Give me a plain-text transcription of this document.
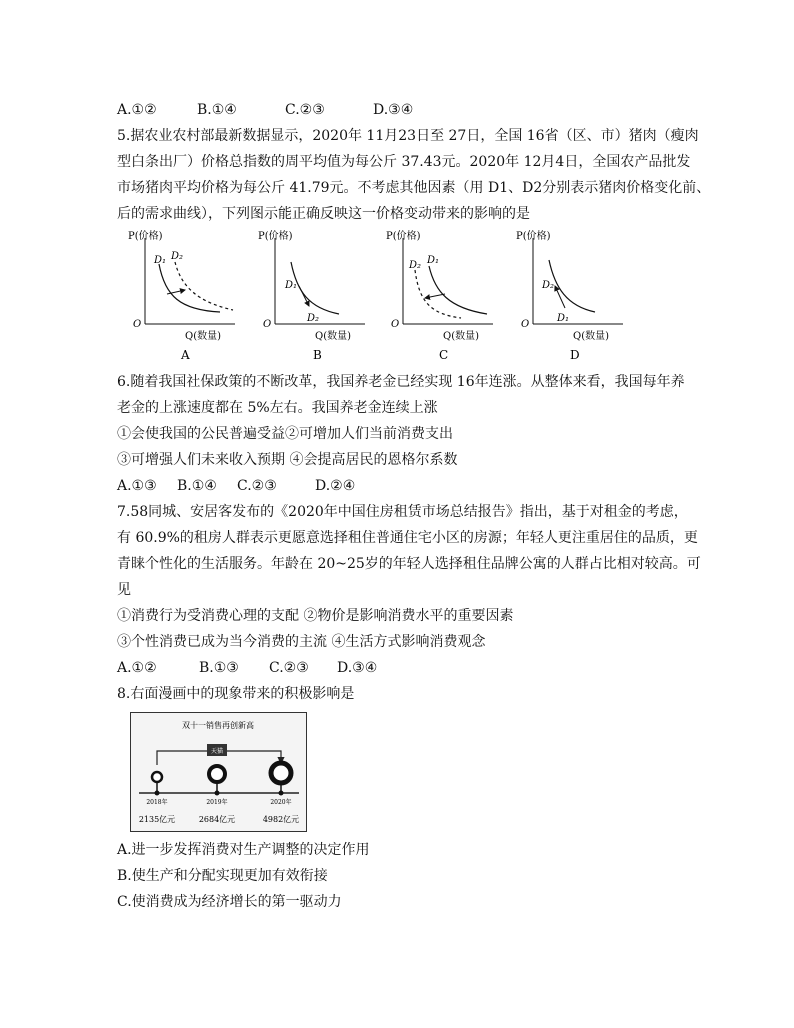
A.①②	B.①④	C.②③	D.③④
5.据农业农村部最新数据显示，2020年 11月23日至 27日，全国 16省（区、市）猪肉（瘦肉
型白条出厂）价格总指数的周平均值为每公斤 37.43元。2020年 12月4日，全国农产品批发
市场猪肉平均价格为每公斤 41.79元。不考虑其他因素（用 D1、D2分别表示猪肉价格变化前、
后的需求曲线），下列图示能正确反映这一价格变动带来的影响的是
P(价格)
O
Q(数量)
D₁ D₂
A
P(价格)
O
Q(数量)
D₁
D₂
B
P(价格)
O
Q(数量)
D₂ D₁
C
P(价格)
O
Q(数量)
D₂
D₁
D
6.随着我国社保政策的不断改革，我国养老金已经实现 16年连涨。从整体来看，我国每年养
老金的上涨速度都在 5%左右。我国养老金连续上涨
①会使我国的公民普遍受益②可增加人们当前消费支出
③可增强人们未来收入预期 ④会提高居民的恩格尔系数
A.①③ B.①④ C.②③	D.②④
7.58同城、安居客发布的《2020年中国住房租赁市场总结报告》指出，基于对租金的考虑，
有 60.9%的租房人群表示更愿意选择租住普通住宅小区的房源；年轻人更注重居住的品质，更
青睐个性化的生活服务。年龄在 20~25岁的年轻人选择租住品牌公寓的人群占比相对较高。可
见
①消费行为受消费心理的支配 ②物价是影响消费水平的重要因素
③个性消费已成为当今消费的主流 ④生活方式影响消费观念
A.①②	B.①③ C.②③ D.③④
8.右面漫画中的现象带来的积极影响是
双十一销售再创新高
天猫
2018年	2019年	2020年
2135亿元	2684亿元	4982亿元
A.进一步发挥消费对生产调整的决定作用
B.使生产和分配实现更加有效衔接
C.使消费成为经济增长的第一驱动力
